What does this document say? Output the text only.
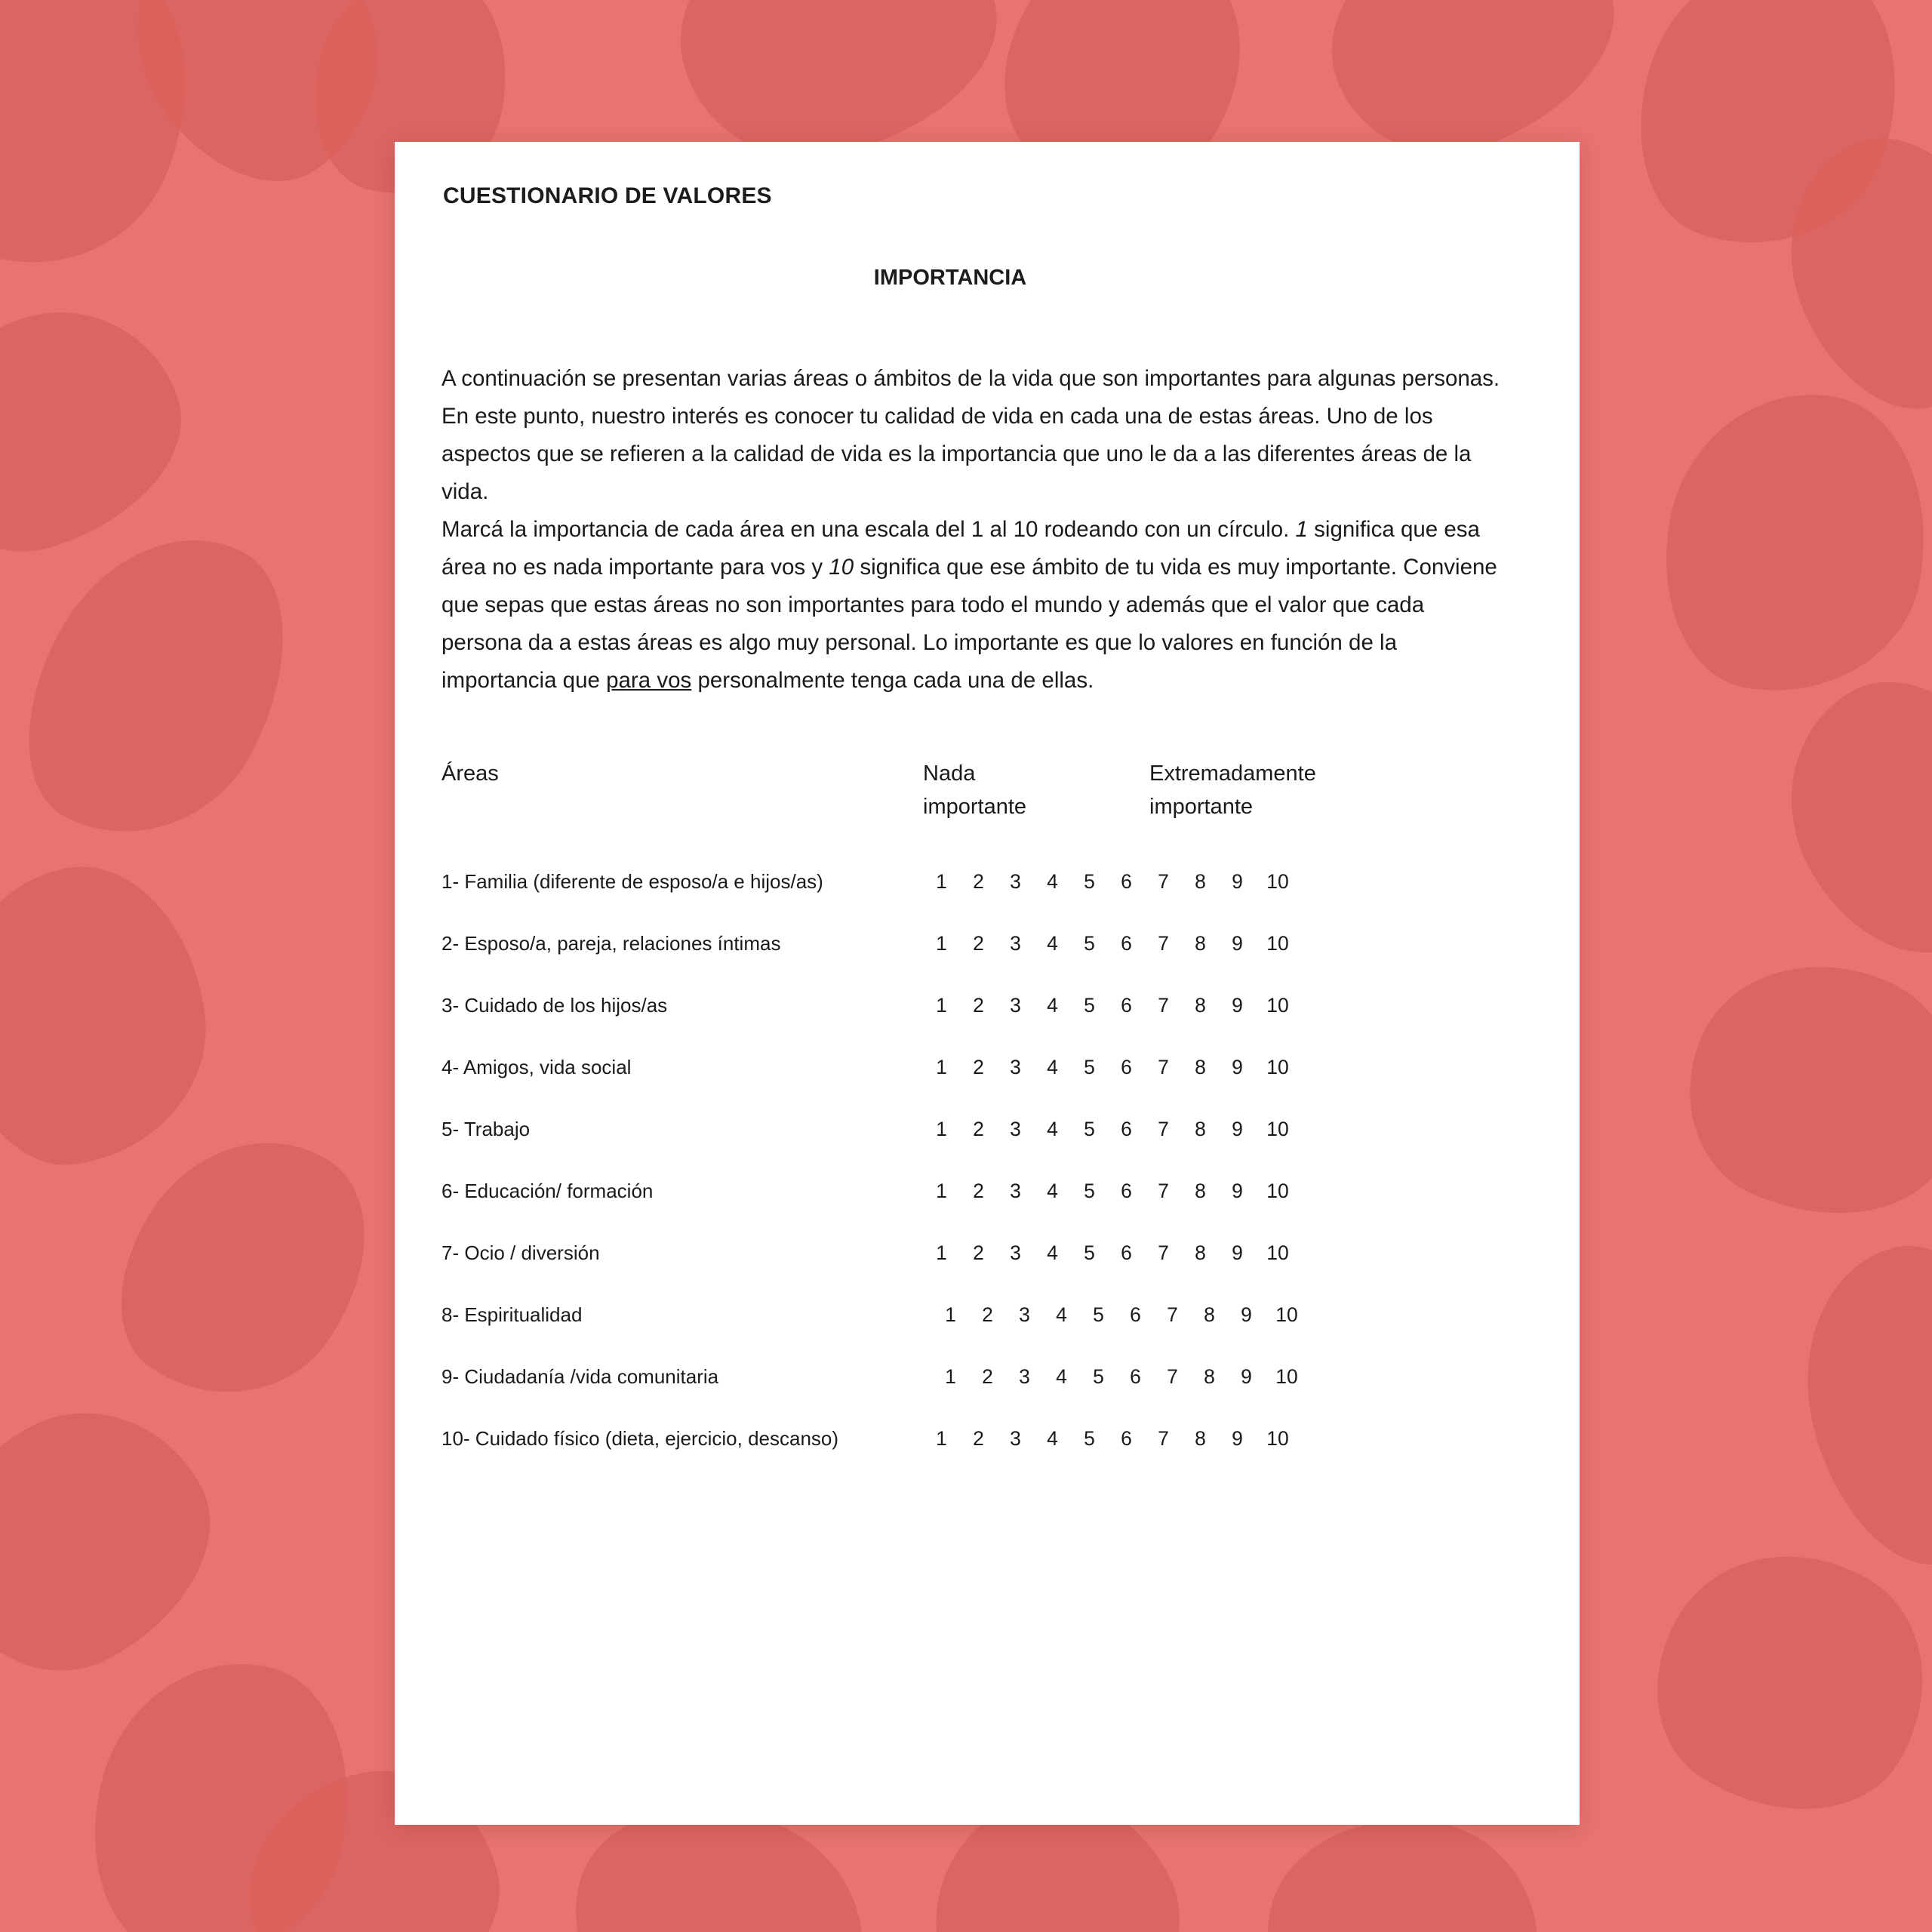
CUESTIONARIO DE VALORES
IMPORTANCIA

A continuación se presentan varias áreas o ámbitos de la vida que son importantes para algunas personas. En este punto, nuestro interés es conocer tu calidad de vida en cada una de estas áreas. Uno de los aspectos que se refieren a la calidad de vida es la importancia que uno le da a las diferentes áreas de la vida.

Marcá la importancia de cada área en una escala del 1 al 10 rodeando con un círculo. 1 significa que esa área no es nada importante para vos y 10 significa que ese ámbito de tu vida es muy importante. Conviene que sepas que estas áreas no son importantes para todo el mundo y además que el valor que cada persona da a estas áreas es algo muy personal. Lo importante es que lo valores en función de la importancia que para vos personalmente tenga cada una de ellas.

Áreas	Nada
importante
Extremadamente
importante
1- Familia (diferente de esposo/a e hijos/as)	1	2	3	4	5	6	7	8	9	10
2- Esposo/a, pareja, relaciones íntimas	1	2	3	4	5	6	7	8	9	10
3- Cuidado de los hijos/as	1	2	3	4	5	6	7	8	9	10
4- Amigos, vida social	1	2	3	4	5	6	7	8	9	10
5- Trabajo	1	2	3	4	5	6	7	8	9	10
6- Educación/ formación	1	2	3	4	5	6	7	8	9	10
7- Ocio / diversión	1	2	3	4	5	6	7	8	9	10
8- Espiritualidad	1	2	3	4	5	6	7	8	9	10
9- Ciudadanía /vida comunitaria	1	2	3	4	5	6	7	8	9	10
10- Cuidado físico (dieta, ejercicio, descanso)	1	2	3	4	5	6	7	8	9	10
